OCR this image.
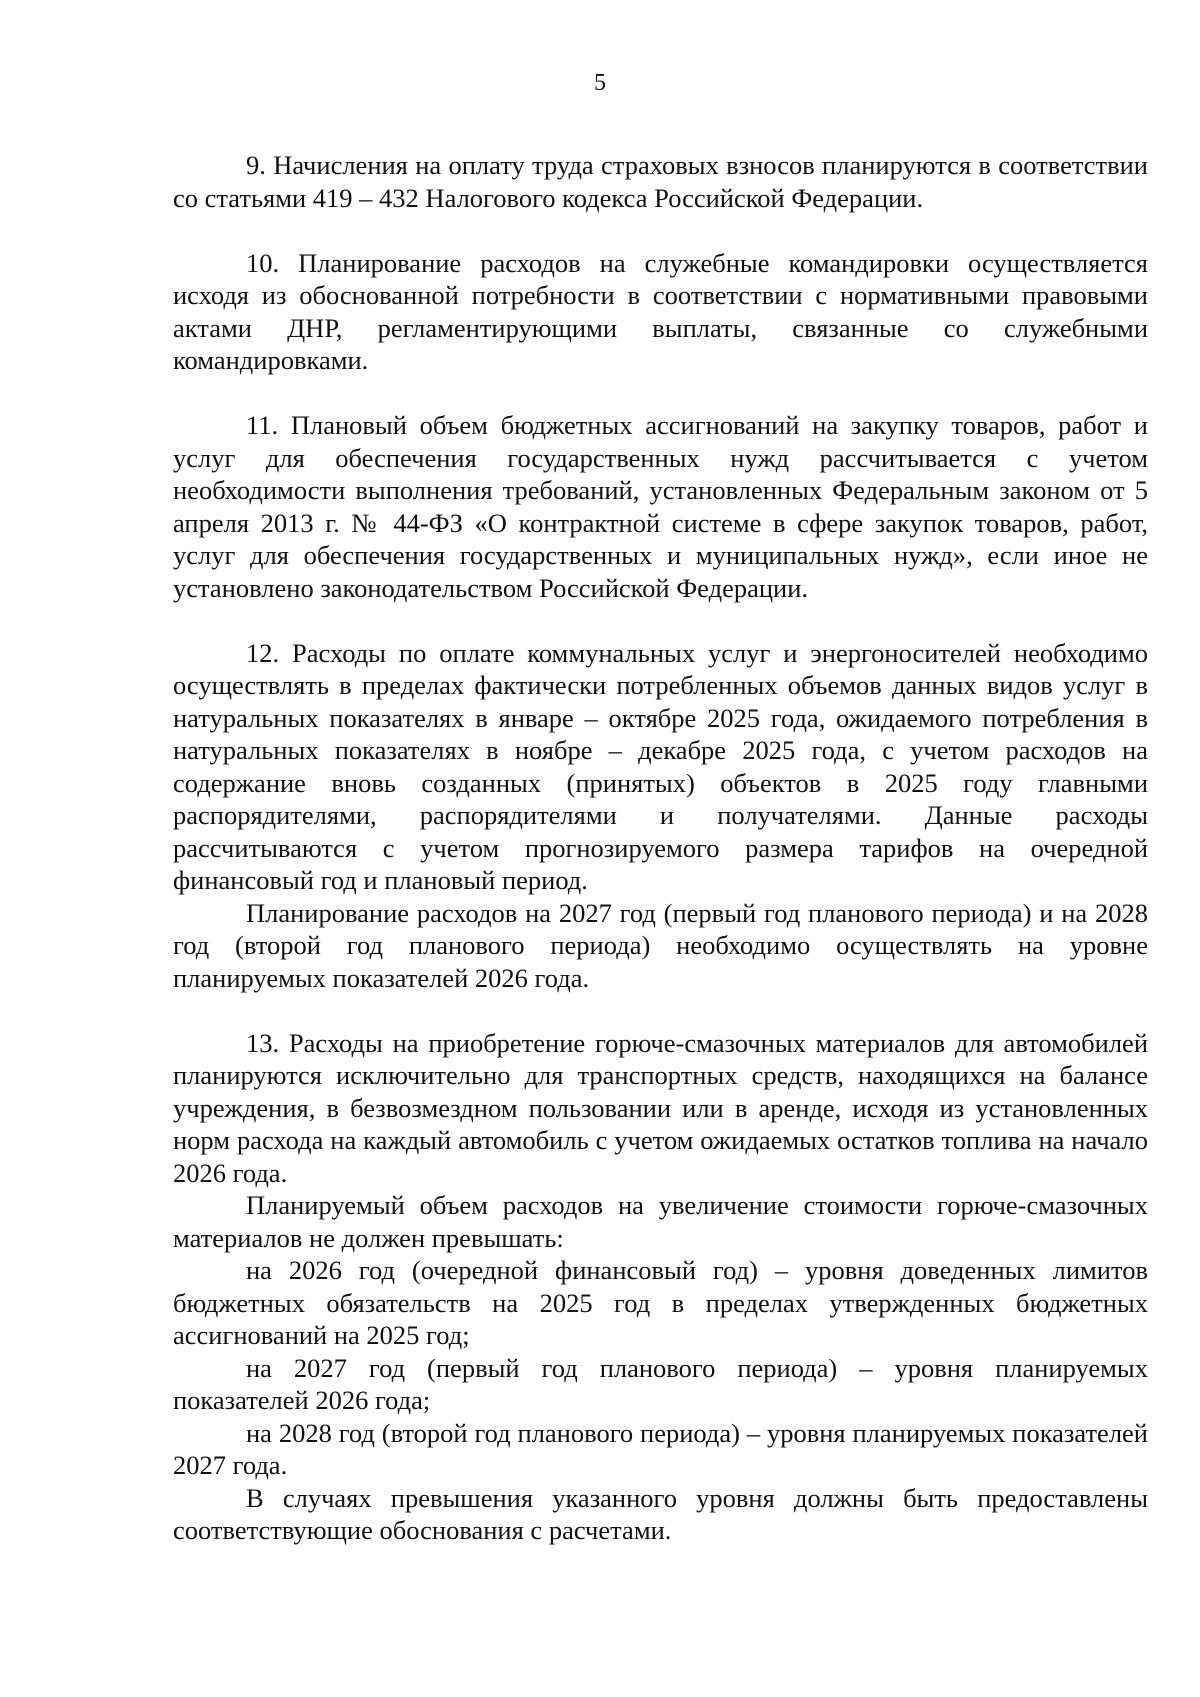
5

9. Начисления на оплату труда страховых взносов планируются в соответствии со статьями 419 – 432 Налогового кодекса Российской Федерации.

10. Планирование расходов на служебные командировки осуществляется исходя из обоснованной потребности в соответствии с нормативными правовыми актами ДНР, регламентирующими выплаты, связанные со служебными командировками.

11. Плановый объем бюджетных ассигнований на закупку товаров, работ и услуг для обеспечения государственных нужд рассчитывается с учетом необходимости выполнения требований, установленных Федеральным законом от 5 апреля 2013 г. № 44-ФЗ «О контрактной системе в сфере закупок товаров, работ, услуг для обеспечения государственных и муниципальных нужд», если иное не установлено законодательством Российской Федерации.

12. Расходы по оплате коммунальных услуг и энергоносителей необходимо осуществлять в пределах фактически потребленных объемов данных видов услуг в натуральных показателях в январе – октябре 2025 года, ожидаемого потребления в натуральных показателях в ноябре – декабре 2025 года, с учетом расходов на содержание вновь созданных (принятых) объектов в 2025 году главными распорядителями, распорядителями и получателями. Данные расходы рассчитываются с учетом прогнозируемого размера тарифов на очередной финансовый год и плановый период.

Планирование расходов на 2027 год (первый год планового периода) и на 2028 год (второй год планового периода) необходимо осуществлять на уровне планируемых показателей 2026 года.

13. Расходы на приобретение горюче-смазочных материалов для автомобилей планируются исключительно для транспортных средств, находящихся на балансе учреждения, в безвозмездном пользовании или в аренде, исходя из установленных норм расхода на каждый автомобиль с учетом ожидаемых остатков топлива на начало 2026 года.

Планируемый объем расходов на увеличение стоимости горюче-смазочных материалов не должен превышать:

на 2026 год (очередной финансовый год) – уровня доведенных лимитов бюджетных обязательств на 2025 год в пределах утвержденных бюджетных ассигнований на 2025 год;

на 2027 год (первый год планового периода) – уровня планируемых показателей 2026 года;

на 2028 год (второй год планового периода) – уровня планируемых показателей 2027 года.

В случаях превышения указанного уровня должны быть предоставлены соответствующие обоснования с расчетами.
